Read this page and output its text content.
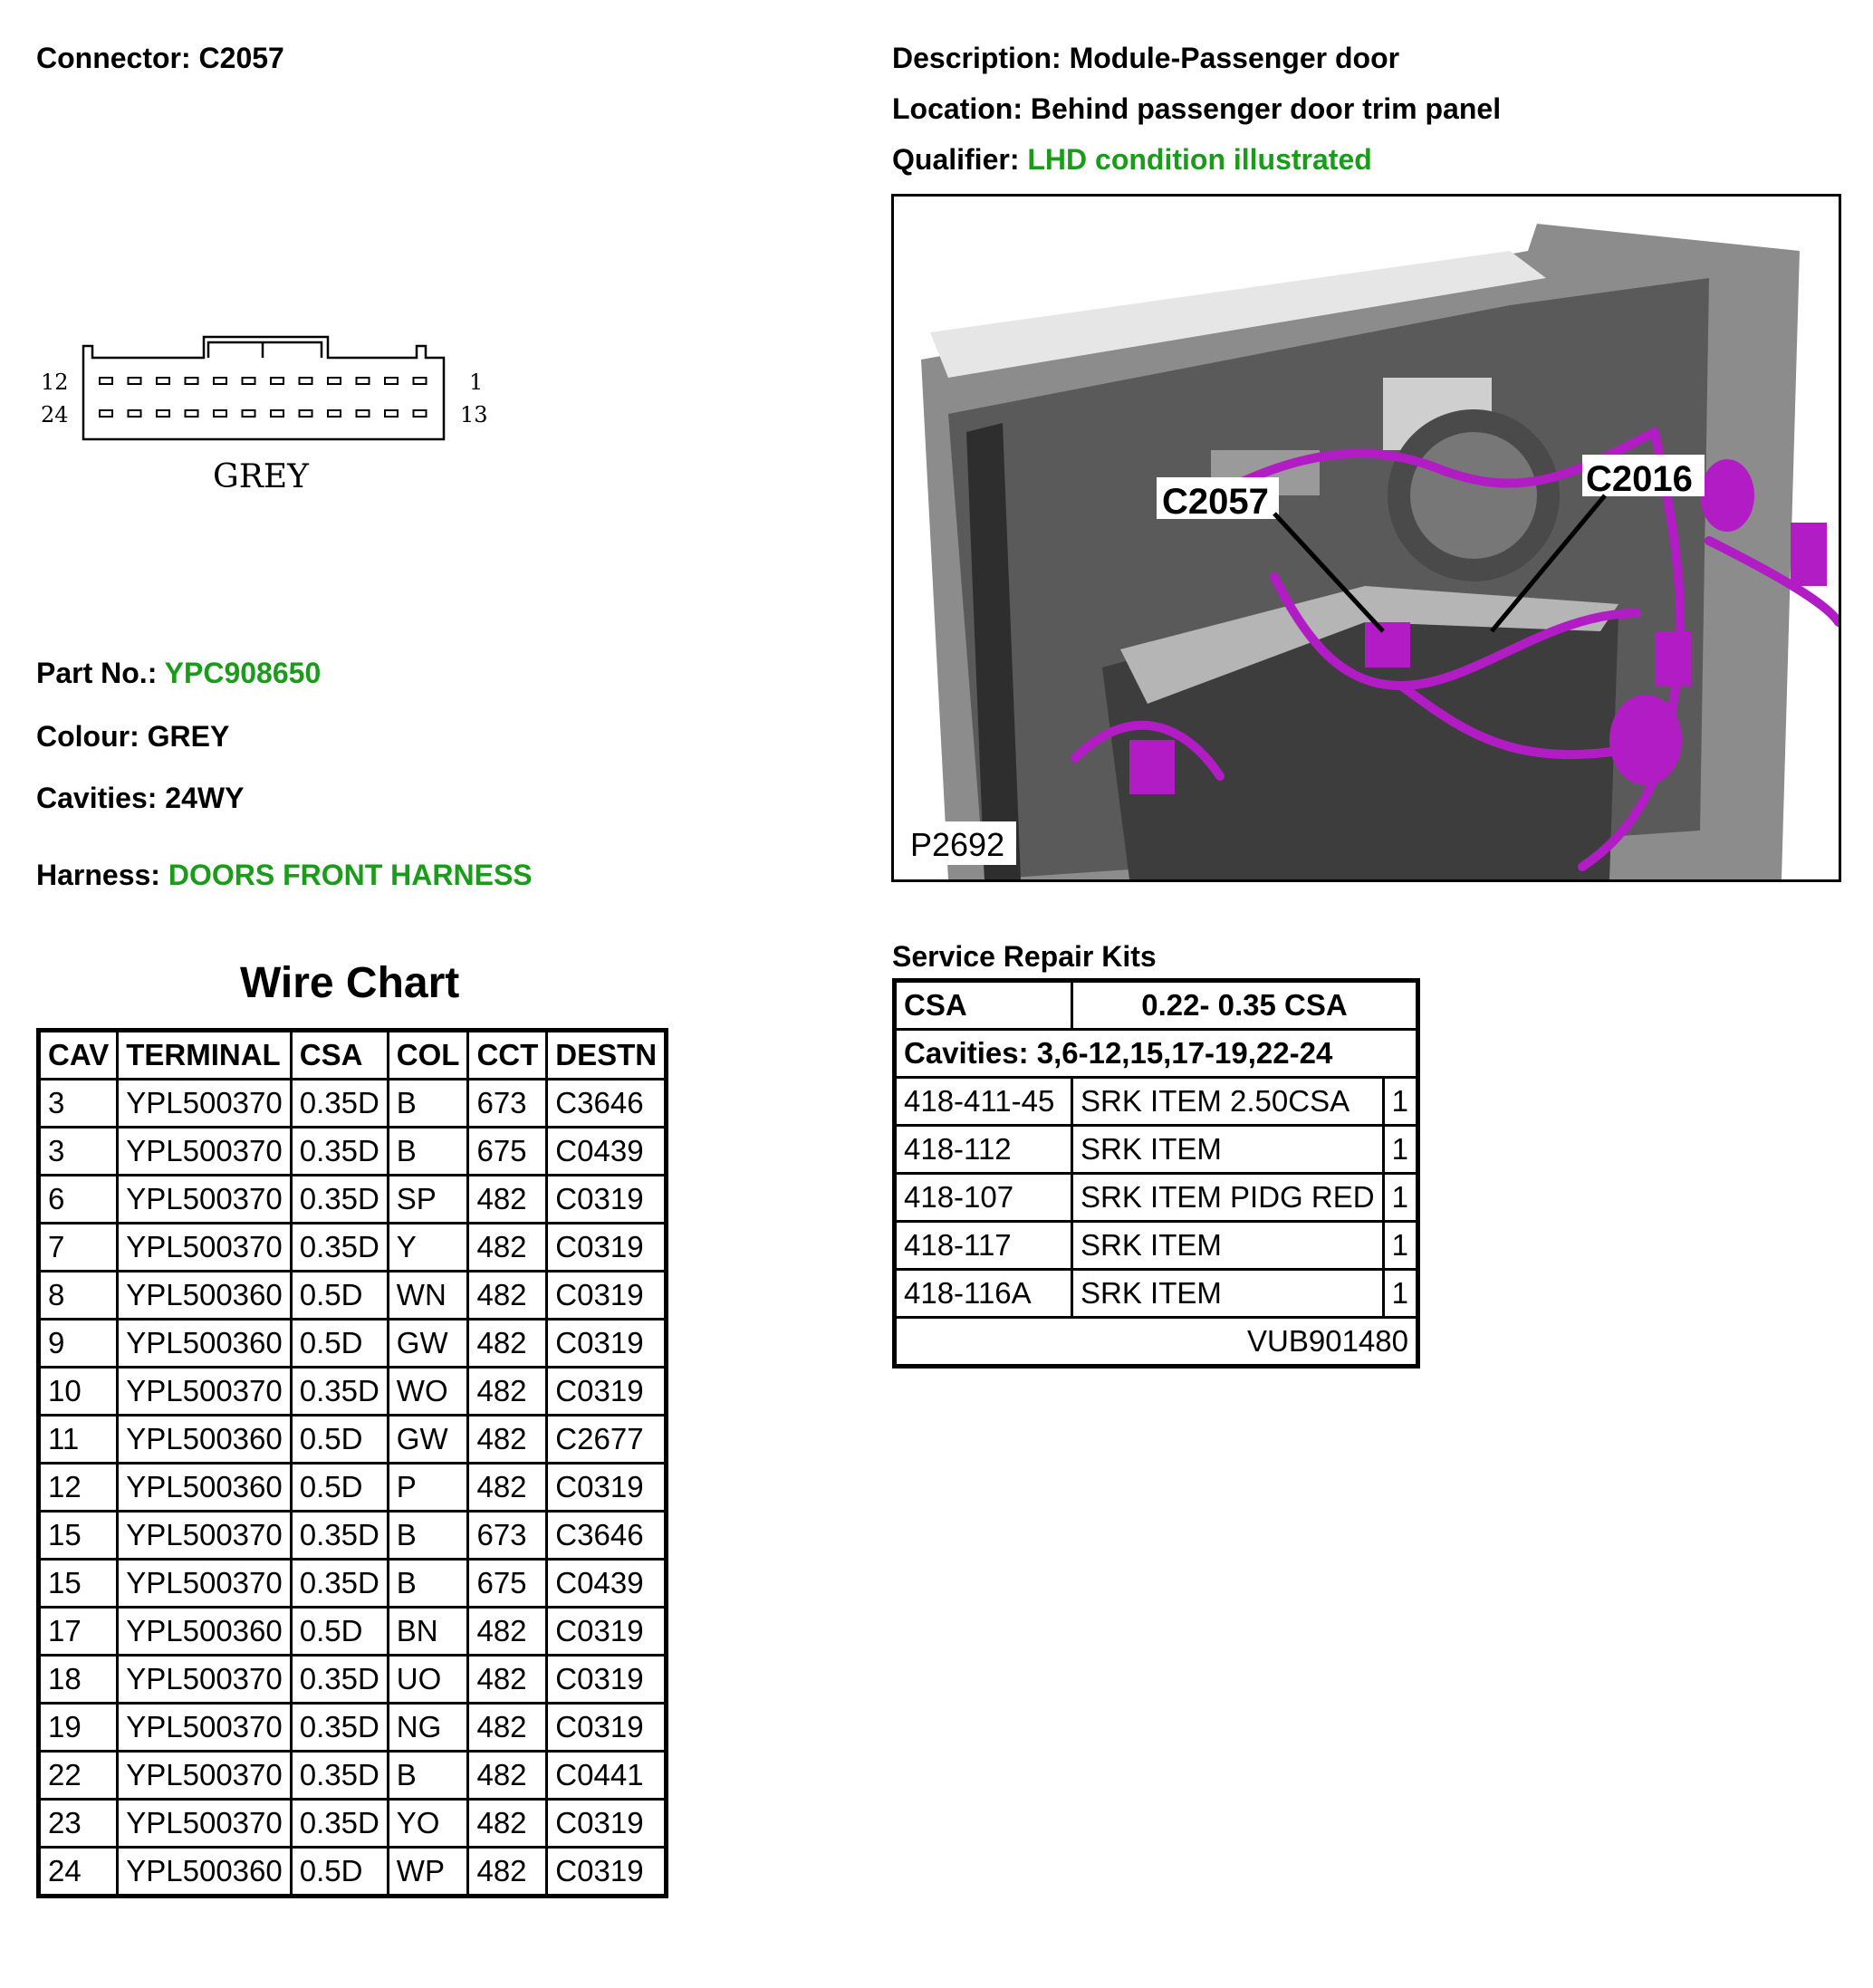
Connector: C2057	Description: Module-Passenger door
Location: Behind passenger door trim panel
Qualifier: LHD condition illustrated
12
24
1
13
GREY
Part No.: YPC908650
Colour: GREY
Cavities: 24WY
Harness: DOORS FRONT HARNESS
C2057
C2016
P2692
Wire Chart
CAV	TERMINAL	CSA	COL	CCT	DESTN
3	YPL500370	0.35D	B	673	C3646
3	YPL500370	0.35D	B	675	C0439
6	YPL500370	0.35D	SP	482	C0319
7	YPL500370	0.35D	Y	482	C0319
8	YPL500360	0.5D	WN	482	C0319
9	YPL500360	0.5D	GW	482	C0319
10	YPL500370	0.35D	WO	482	C0319
11	YPL500360	0.5D	GW	482	C2677
12	YPL500360	0.5D	P	482	C0319
15	YPL500370	0.35D	B	673	C3646
15	YPL500370	0.35D	B	675	C0439
17	YPL500360	0.5D	BN	482	C0319
18	YPL500370	0.35D	UO	482	C0319
19	YPL500370	0.35D	NG	482	C0319
22	YPL500370	0.35D	B	482	C0441
23	YPL500370	0.35D	YO	482	C0319
24	YPL500360	0.5D	WP	482	C0319
Service Repair Kits
CSA	0.22- 0.35 CSA	
Cavities: 3,6-12,15,17-19,22-24		
418-411-45	SRK ITEM 2.50CSA	1
418-112	SRK ITEM	1
418-107	SRK ITEM PIDG RED	1
418-117	SRK ITEM	1
418-116A	SRK ITEM	1
VUB901480		
